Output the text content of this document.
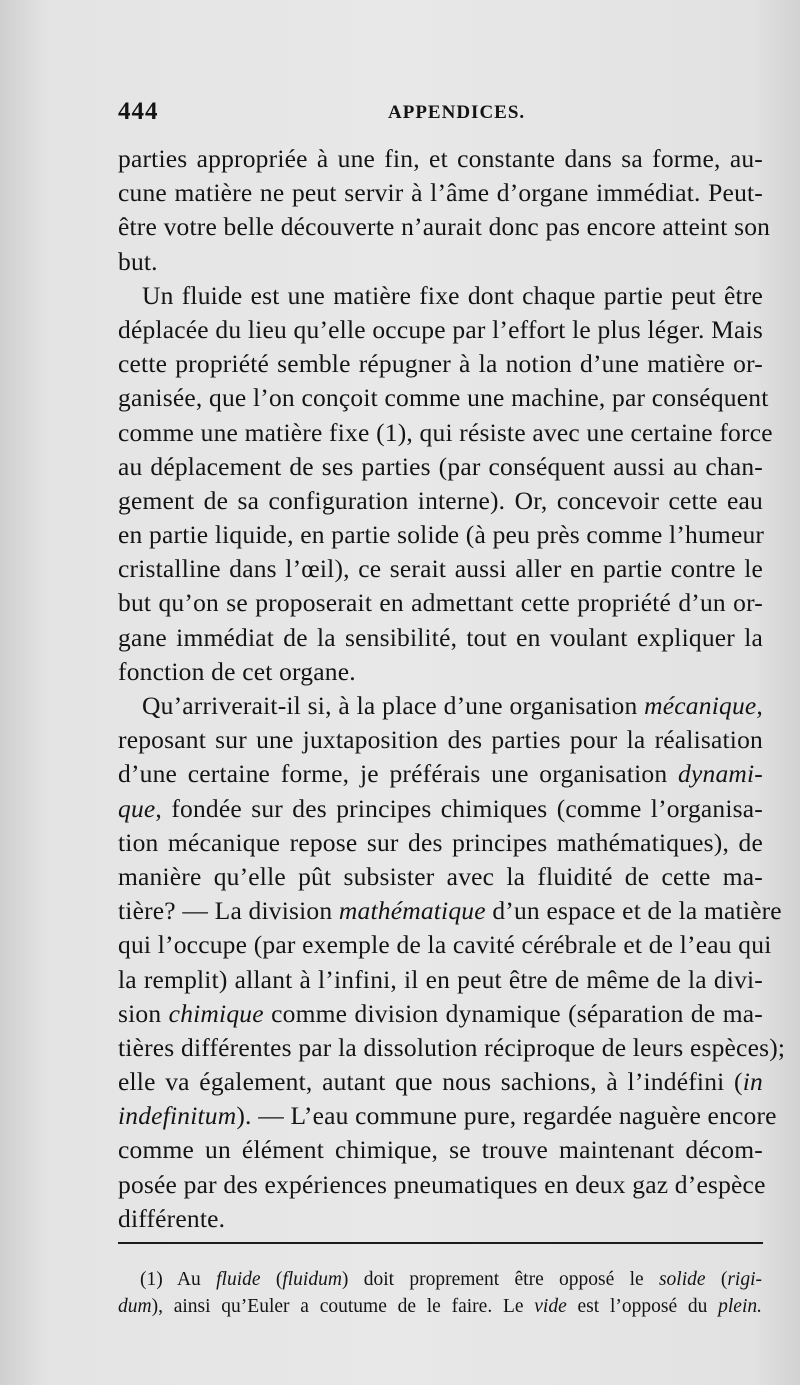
444	APPENDICES.
parties appropriée à une fin, et constante dans sa forme, au-
cune matière ne peut servir à l’âme d’organe immédiat. Peut-
être votre belle découverte n’aurait donc pas encore atteint son
but.
Un fluide est une matière fixe dont chaque partie peut être
déplacée du lieu qu’elle occupe par l’effort le plus léger. Mais
cette propriété semble répugner à la notion d’une matière or-
ganisée, que l’on conçoit comme une machine, par conséquent
comme une matière fixe (1), qui résiste avec une certaine force
au déplacement de ses parties (par conséquent aussi au chan-
gement de sa configuration interne). Or, concevoir cette eau
en partie liquide, en partie solide (à peu près comme l’humeur
cristalline dans l’œil), ce serait aussi aller en partie contre le
but qu’on se proposerait en admettant cette propriété d’un or-
gane immédiat de la sensibilité, tout en voulant expliquer la
fonction de cet organe.
Qu’arriverait-il si, à la place d’une organisation mécanique,
reposant sur une juxtaposition des parties pour la réalisation
d’une certaine forme, je préférais une organisation dynami-
que, fondée sur des principes chimiques (comme l’organisa-
tion mécanique repose sur des principes mathématiques), de
manière qu’elle pût subsister avec la fluidité de cette ma-
tière? — La division mathématique d’un espace et de la matière
qui l’occupe (par exemple de la cavité cérébrale et de l’eau qui
la remplit) allant à l’infini, il en peut être de même de la divi-
sion chimique comme division dynamique (séparation de ma-
tières différentes par la dissolution réciproque de leurs espèces);
elle va également, autant que nous sachions, à l’indéfini (in
indefinitum). — L’eau commune pure, regardée naguère encore
comme un élément chimique, se trouve maintenant décom-
posée par des expériences pneumatiques en deux gaz d’espèce
différente.
(1) Au fluide (fluidum) doit proprement être opposé le solide (rigi-
dum), ainsi qu’Euler a coutume de le faire. Le vide est l’opposé du plein.
